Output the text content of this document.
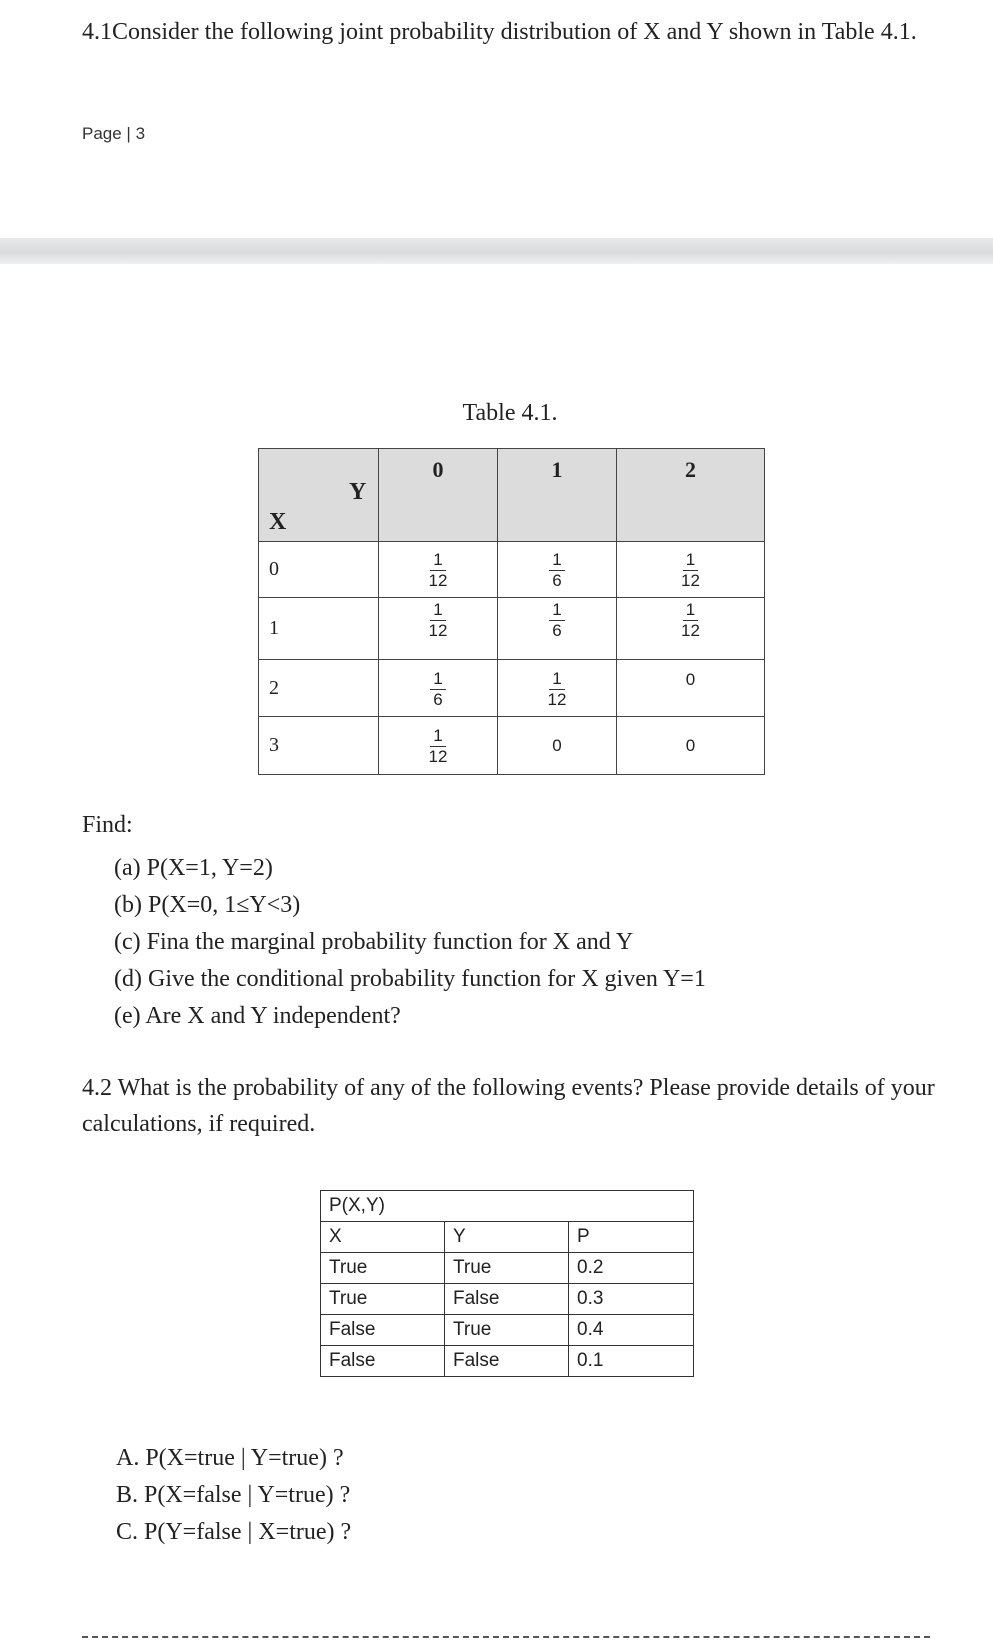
4.1Consider the following joint probability distribution of X and Y shown in Table 4.1.
Page | 3
Table 4.1.
Y
X	0	1	2

0	$\frac{1}{12}$	$\frac{1}{6}$	$\frac{1}{12}$

1	$\frac{1}{12}$	$\frac{1}{6}$	$\frac{1}{12}$

2	$\frac{1}{6}$	$\frac{1}{12}$	0
3	$\frac{1}{12}$	0	0
Find:
(a) P(X=1, Y=2)
(b) P(X=0, 1≤Y<3)
(c) Fina the marginal probability function for X and Y
(d) Give the conditional probability function for X given Y=1
(e) Are X and Y independent?
4.2 What is the probability of any of the following events? Please provide details of your calculations, if required.
P(X,Y)		
X	Y	P
True	True	0.2
True	False	0.3
False	True	0.4
False	False	0.1
A. P(X=true | Y=true) ?
B. P(X=false | Y=true) ?
C. P(Y=false | X=true) ?
